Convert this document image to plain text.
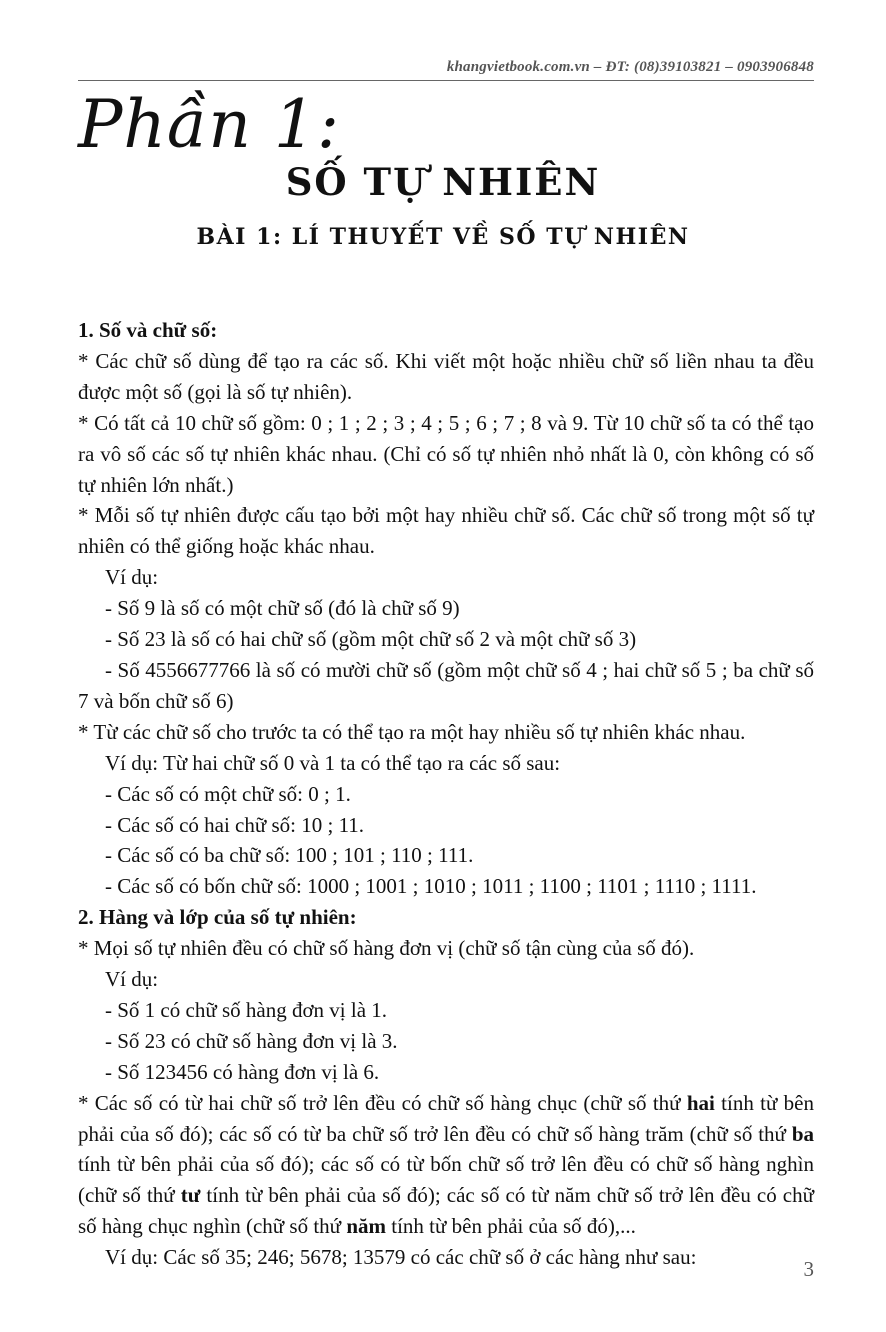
khangvietbook.com.vn – ĐT: (08)39103821 – 0903906848
Phần 1:
SỐ TỰ NHIÊN
BÀI 1: LÍ THUYẾT VỀ SỐ TỰ NHIÊN

1. Số và chữ số:

* Các chữ số dùng để tạo ra các số. Khi viết một hoặc nhiều chữ số liền nhau ta đều được một số (gọi là số tự nhiên).

* Có tất cả 10 chữ số gồm: 0 ; 1 ; 2 ; 3 ; 4 ; 5 ; 6 ; 7 ; 8 và 9. Từ 10 chữ số ta có thể tạo ra vô số các số tự nhiên khác nhau. (Chỉ có số tự nhiên nhỏ nhất là 0, còn không có số tự nhiên lớn nhất.)

* Mỗi số tự nhiên được cấu tạo bởi một hay nhiều chữ số. Các chữ số trong một số tự nhiên có thể giống hoặc khác nhau.

Ví dụ:

- Số 9 là số có một chữ số (đó là chữ số 9)

- Số 23 là số có hai chữ số (gồm một chữ số 2 và một chữ số 3)

- Số 4556677766 là số có mười chữ số (gồm một chữ số 4 ; hai chữ số 5 ; ba chữ số 7 và bốn chữ số 6)

* Từ các chữ số cho trước ta có thể tạo ra một hay nhiều số tự nhiên khác nhau.

Ví dụ: Từ hai chữ số 0 và 1 ta có thể tạo ra các số sau:

- Các số có một chữ số: 0 ; 1.

- Các số có hai chữ số: 10 ; 11.

- Các số có ba chữ số: 100 ; 101 ; 110 ; 111.

- Các số có bốn chữ số: 1000 ; 1001 ; 1010 ; 1011 ; 1100 ; 1101 ; 1110 ; 1111.

2. Hàng và lớp của số tự nhiên:

* Mọi số tự nhiên đều có chữ số hàng đơn vị (chữ số tận cùng của số đó).

Ví dụ:

- Số 1 có chữ số hàng đơn vị là 1.

- Số 23 có chữ số hàng đơn vị là 3.

- Số 123456 có hàng đơn vị là 6.

* Các số có từ hai chữ số trở lên đều có chữ số hàng chục (chữ số thứ hai tính từ bên phải của số đó); các số có từ ba chữ số trở lên đều có chữ số hàng trăm (chữ số thứ ba tính từ bên phải của số đó); các số có từ bốn chữ số trở lên đều có chữ số hàng nghìn (chữ số thứ tư tính từ bên phải của số đó); các số có từ năm chữ số trở lên đều có chữ số hàng chục nghìn (chữ số thứ năm tính từ bên phải của số đó),...

Ví dụ: Các số 35; 246; 5678; 13579 có các chữ số ở các hàng như sau:	3
